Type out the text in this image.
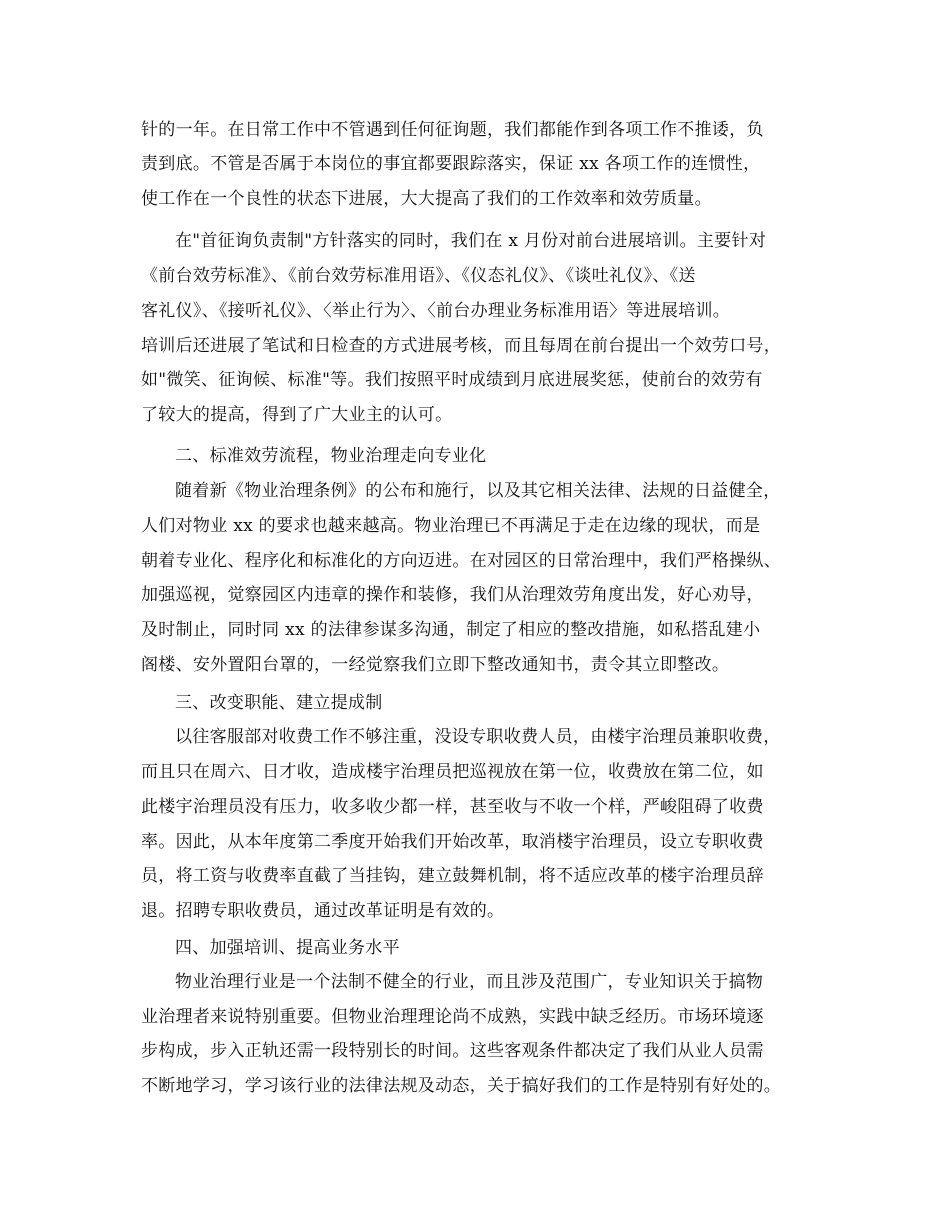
针的一年。在日常工作中不管遇到任何征询题，我们都能作到各项工作不推诿，负
责到底。不管是否属于本岗位的事宜都要跟踪落实，保证 xx 各项工作的连惯性，
使工作在一个良性的状态下进展，大大提高了我们的工作效率和效劳质量。
在"首征询负责制"方针落实的同时，我们在 x 月份对前台进展培训。主要针对
《前台效劳标准》、《前台效劳标准用语》、《仪态礼仪》、《谈吐礼仪》、《送
客礼仪》、《接听礼仪》、〈举止行为〉、〈前台办理业务标准用语〉等进展培训。
培训后还进展了笔试和日检查的方式进展考核，而且每周在前台提出一个效劳口号，
如"微笑、征询候、标准"等。我们按照平时成绩到月底进展奖惩，使前台的效劳有
了较大的提高，得到了广大业主的认可。
二、标准效劳流程，物业治理走向专业化
随着新《物业治理条例》的公布和施行，以及其它相关法律、法规的日益健全，
人们对物业 xx 的要求也越来越高。物业治理已不再满足于走在边缘的现状，而是
朝着专业化、程序化和标准化的方向迈进。在对园区的日常治理中，我们严格操纵、
加强巡视，觉察园区内违章的操作和装修，我们从治理效劳角度出发，好心劝导，
及时制止，同时同 xx 的法律参谋多沟通，制定了相应的整改措施，如私搭乱建小
阁楼、安外置阳台罩的，一经觉察我们立即下整改通知书，责令其立即整改。
三、改变职能、建立提成制
以往客服部对收费工作不够注重，没设专职收费人员，由楼宇治理员兼职收费，
而且只在周六、日才收，造成楼宇治理员把巡视放在第一位，收费放在第二位，如
此楼宇治理员没有压力，收多收少都一样，甚至收与不收一个样，严峻阻碍了收费
率。因此，从本年度第二季度开始我们开始改革，取消楼宇治理员，设立专职收费
员，将工资与收费率直截了当挂钩，建立鼓舞机制，将不适应改革的楼宇治理员辞
退。招聘专职收费员，通过改革证明是有效的。
四、加强培训、提高业务水平
物业治理行业是一个法制不健全的行业，而且涉及范围广，专业知识关于搞物
业治理者来说特别重要。但物业治理理论尚不成熟，实践中缺乏经历。市场环境逐
步构成，步入正轨还需一段特别长的时间。这些客观条件都决定了我们从业人员需
不断地学习，学习该行业的法律法规及动态，关于搞好我们的工作是特别有好处的。
